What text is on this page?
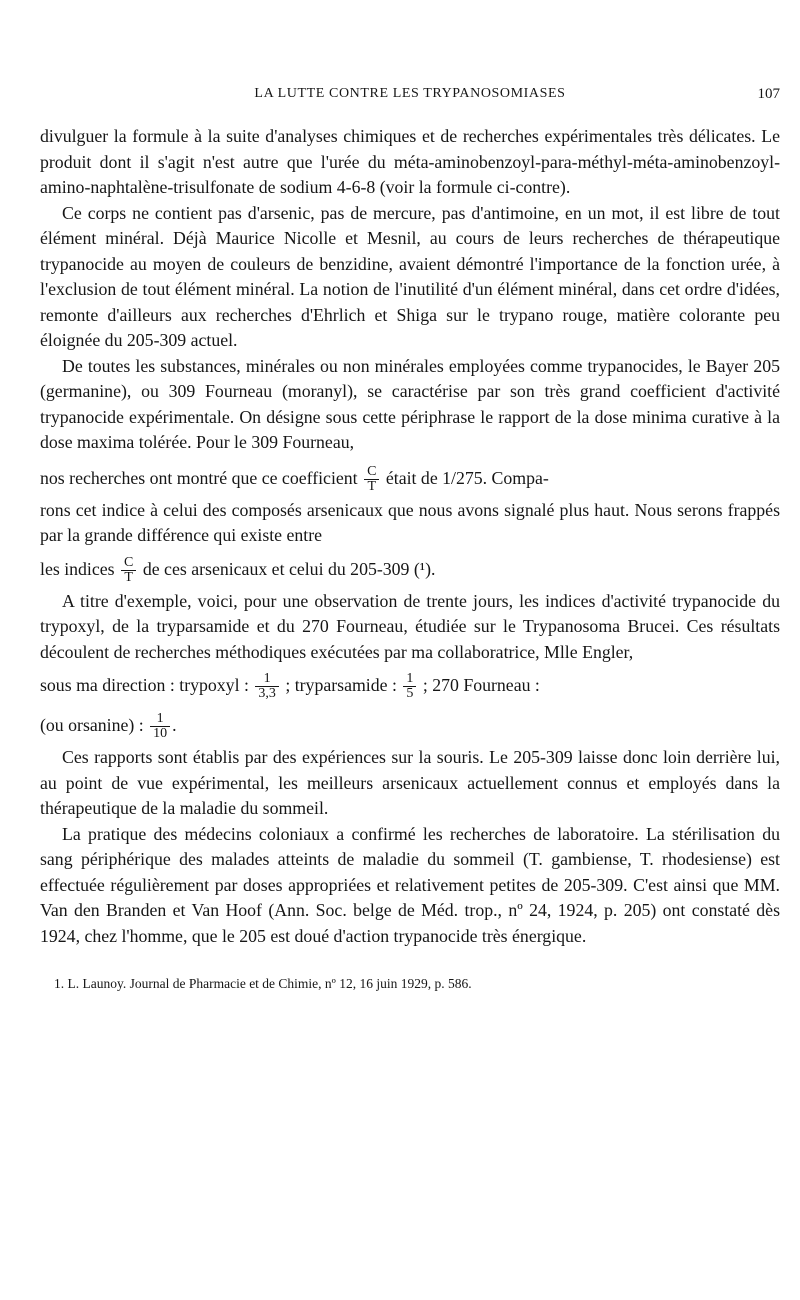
LA LUTTE CONTRE LES TRYPANOSOMIASES	107

divulguer la formule à la suite d'analyses chimiques et de recherches expérimentales très délicates. Le produit dont il s'agit n'est autre que l'urée du méta-aminobenzoyl-para-méthyl-méta-aminobenzoyl-amino-naphtalène-trisulfonate de sodium 4-6-8 (voir la formule ci-contre).

Ce corps ne contient pas d'arsenic, pas de mercure, pas d'antimoine, en un mot, il est libre de tout élément minéral. Déjà Maurice Nicolle et Mesnil, au cours de leurs recherches de thérapeutique trypanocide au moyen de couleurs de benzidine, avaient démontré l'importance de la fonction urée, à l'exclusion de tout élément minéral. La notion de l'inutilité d'un élément minéral, dans cet ordre d'idées, remonte d'ailleurs aux recherches d'Ehrlich et Shiga sur le trypano rouge, matière colorante peu éloignée du 205-309 actuel.

De toutes les substances, minérales ou non minérales employées comme trypanocides, le Bayer 205 (germanine), ou 309 Fourneau (moranyl), se caractérise par son très grand coefficient d'activité trypanocide expérimentale. On désigne sous cette périphrase le rapport de la dose minima curative à la dose maxima tolérée. Pour le 309 Fourneau,

nos recherches ont montré que ce coefficient $\frac{C}{T}$ était de 1/275. Compa-

rons cet indice à celui des composés arsenicaux que nous avons signalé plus haut. Nous serons frappés par la grande différence qui existe entre

les indices $\frac{C}{T}$ de ces arsenicaux et celui du 205-309 (¹).

A titre d'exemple, voici, pour une observation de trente jours, les indices d'activité trypanocide du trypoxyl, de la tryparsamide et du 270 Fourneau, étudiée sur le Trypanosoma Brucei. Ces résultats découlent de recherches méthodiques exécutées par ma collaboratrice, Mlle Engler,

sous ma direction : trypoxyl : $\frac{1}{3,3}$ ; tryparsamide : $\frac{1}{5}$ ; 270 Fourneau :
(ou orsanine) : $\frac{1}{10}$ .

Ces rapports sont établis par des expériences sur la souris. Le 205-309 laisse donc loin derrière lui, au point de vue expérimental, les meilleurs arsenicaux actuellement connus et employés dans la thérapeutique de la maladie du sommeil.

La pratique des médecins coloniaux a confirmé les recherches de laboratoire. La stérilisation du sang périphérique des malades atteints de maladie du sommeil (T. gambiense, T. rhodesiense) est effectuée régulièrement par doses appropriées et relativement petites de 205-309. C'est ainsi que MM. Van den Branden et Van Hoof (Ann. Soc. belge de Méd. trop., nº 24, 1924, p. 205) ont constaté dès 1924, chez l'homme, que le 205 est doué d'action trypanocide très énergique.

1. L. Launoy. Journal de Pharmacie et de Chimie, nº 12, 16 juin 1929, p. 586.
